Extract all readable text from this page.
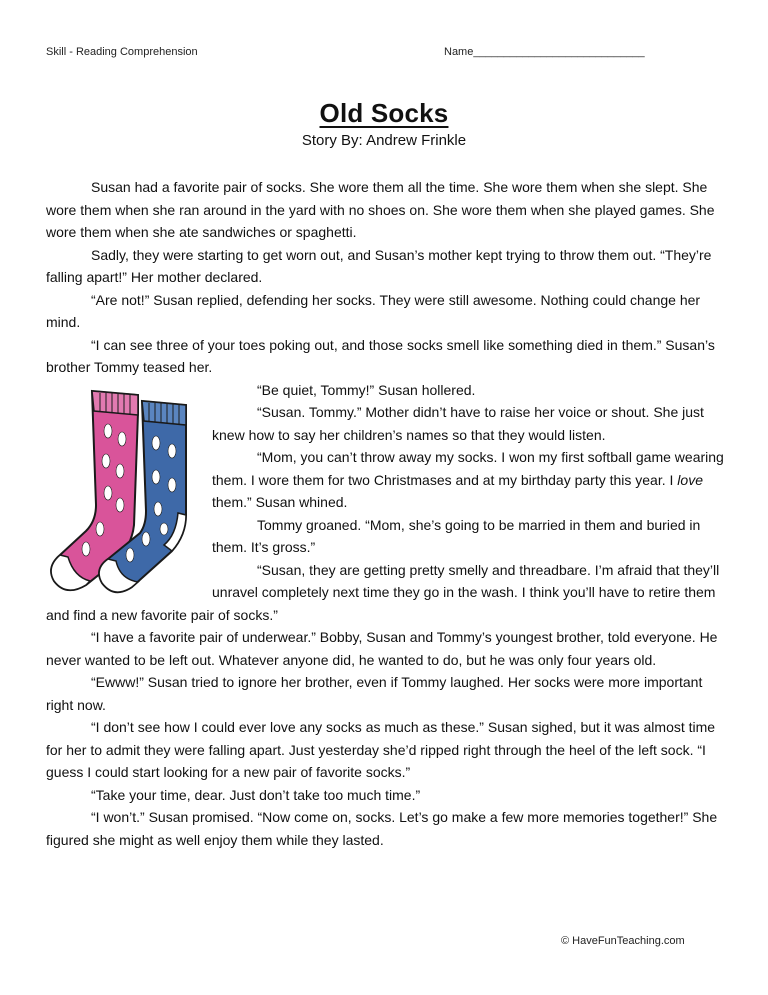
Skill - Reading Comprehension	Name____________________________
Old Socks
Story By: Andrew Frinkle

Susan had a favorite pair of socks. She wore them all the time. She wore them when she slept. She wore them when she ran around in the yard with no shoes on. She wore them when she played games. She wore them when she ate sandwiches or spaghetti.

Sadly, they were starting to get worn out, and Susan’s mother kept trying to throw them out. “They’re falling apart!” Her mother declared.

“Are not!” Susan replied, defending her socks. They were still awesome. Nothing could change her mind.

“I can see three of your toes poking out, and those socks smell like something died in them.” Susan’s brother Tommy teased her.

“Be quiet, Tommy!” Susan hollered.

“Susan. Tommy.” Mother didn’t have to raise her voice or shout. She just knew how to say her children’s names so that they would listen.

“Mom, you can’t throw away my socks. I won my first softball game wearing them. I wore them for two Christmases and at my birthday party this year. I love them.” Susan whined.

Tommy groaned. “Mom, she’s going to be married in them and buried in them. It’s gross.”

“Susan, they are getting pretty smelly and threadbare. I’m afraid that they’ll unravel completely next time they go in the wash. I think you’ll have to retire them and find a new favorite pair of socks.”

“I have a favorite pair of underwear.” Bobby, Susan and Tommy’s youngest brother, told everyone. He never wanted to be left out. Whatever anyone did, he wanted to do, but he was only four years old.

“Ewww!” Susan tried to ignore her brother, even if Tommy laughed. Her socks were more important right now.

“I don’t see how I could ever love any socks as much as these.” Susan sighed, but it was almost time for her to admit they were falling apart. Just yesterday she’d ripped right through the heel of the left sock. “I guess I could start looking for a new pair of favorite socks.”

“Take your time, dear. Just don’t take too much time.”

“I won’t.” Susan promised. “Now come on, socks. Let’s go make a few more memories together!” She figured she might as well enjoy them while they lasted.

© HaveFunTeaching.com
